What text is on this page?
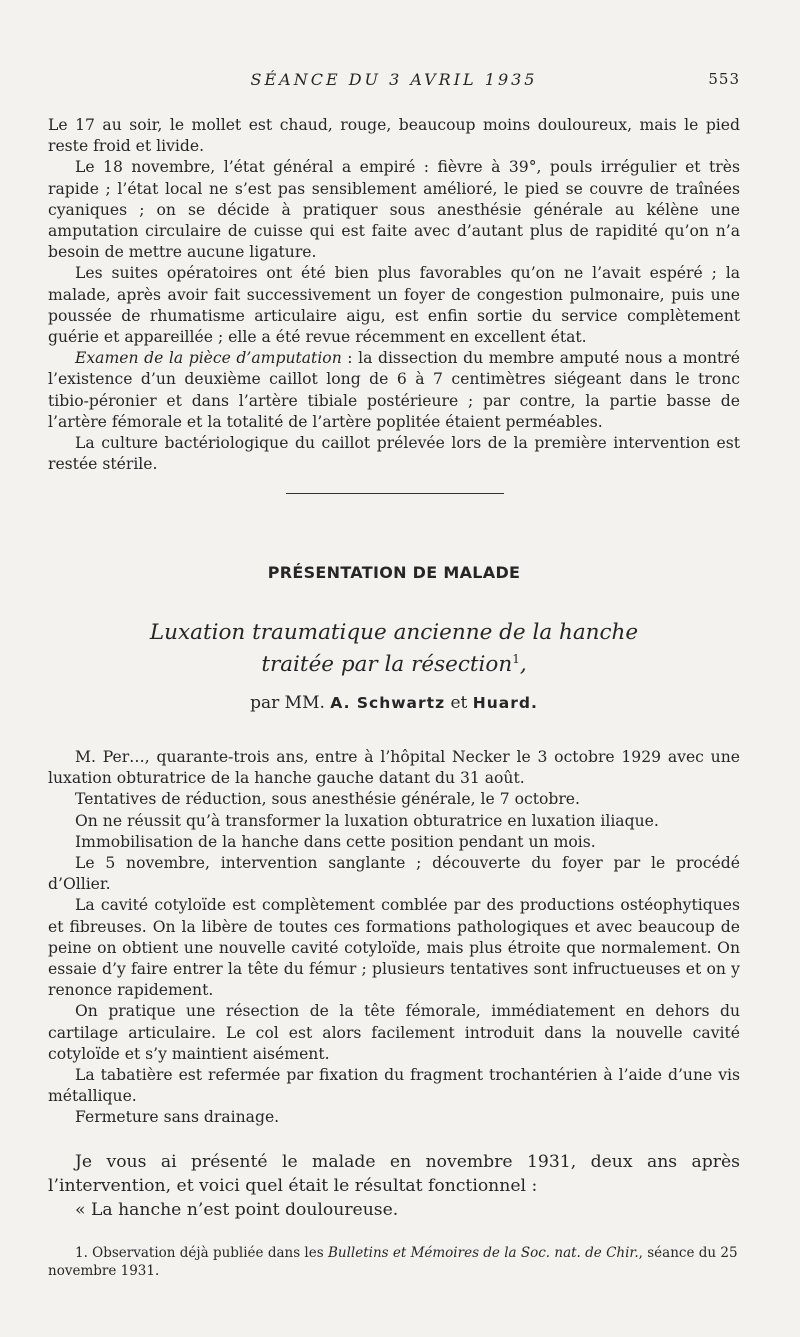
SÉANCE DU 3 AVRIL 1935	553

Le 17 au soir, le mollet est chaud, rouge, beaucoup moins douloureux, mais le pied reste froid et livide.

Le 18 novembre, l’état général a empiré : fièvre à 39°, pouls irrégulier et très rapide ; l’état local ne s’est pas sensiblement amélioré, le pied se couvre de traînées cyaniques ; on se décide à pratiquer sous anesthésie générale au kélène une amputation circulaire de cuisse qui est faite avec d’autant plus de rapidité qu’on n’a besoin de mettre aucune ligature.

Les suites opératoires ont été bien plus favorables qu’on ne l’avait espéré ; la malade, après avoir fait successivement un foyer de congestion pulmonaire, puis une poussée de rhumatisme articulaire aigu, est enfin sortie du service complètement guérie et appareillée ; elle a été revue récemment en excellent état.

Examen de la pièce d’amputation : la dissection du membre amputé nous a montré l’existence d’un deuxième caillot long de 6 à 7 centimètres siégeant dans le tronc tibio-péronier et dans l’artère tibiale postérieure ; par contre, la partie basse de l’artère fémorale et la totalité de l’artère poplitée étaient perméables.

La culture bactériologique du caillot prélevée lors de la première intervention est restée stérile.

PRÉSENTATION DE MALADE
Luxation traumatique ancienne de la hanche
traitée par la résection$^1$,
par MM. A. Schwartz et Huard.

M. Per…, quarante-trois ans, entre à l’hôpital Necker le 3 octobre 1929 avec une luxation obturatrice de la hanche gauche datant du 31 août.

Tentatives de réduction, sous anesthésie générale, le 7 octobre.

On ne réussit qu’à transformer la luxation obturatrice en luxation iliaque.

Immobilisation de la hanche dans cette position pendant un mois.

Le 5 novembre, intervention sanglante ; découverte du foyer par le procédé d’Ollier.

La cavité cotyloïde est complètement comblée par des productions ostéophytiques et fibreuses. On la libère de toutes ces formations pathologiques et avec beaucoup de peine on obtient une nouvelle cavité cotyloïde, mais plus étroite que normalement. On essaie d’y faire entrer la tête du fémur ; plusieurs tentatives sont infructueuses et on y renonce rapidement.

On pratique une résection de la tête fémorale, immédiatement en dehors du cartilage articulaire. Le col est alors facilement introduit dans la nouvelle cavité cotyloïde et s’y maintient aisément.

La tabatière est refermée par fixation du fragment trochantérien à l’aide d’une vis métallique.

Fermeture sans drainage.

Je vous ai présenté le malade en novembre 1931, deux ans après l’intervention, et voici quel était le résultat fonctionnel :

« La hanche n’est point douloureuse.

1. Observation déjà publiée dans les Bulletins et Mémoires de la Soc. nat. de Chir., séance du 25 novembre 1931.
